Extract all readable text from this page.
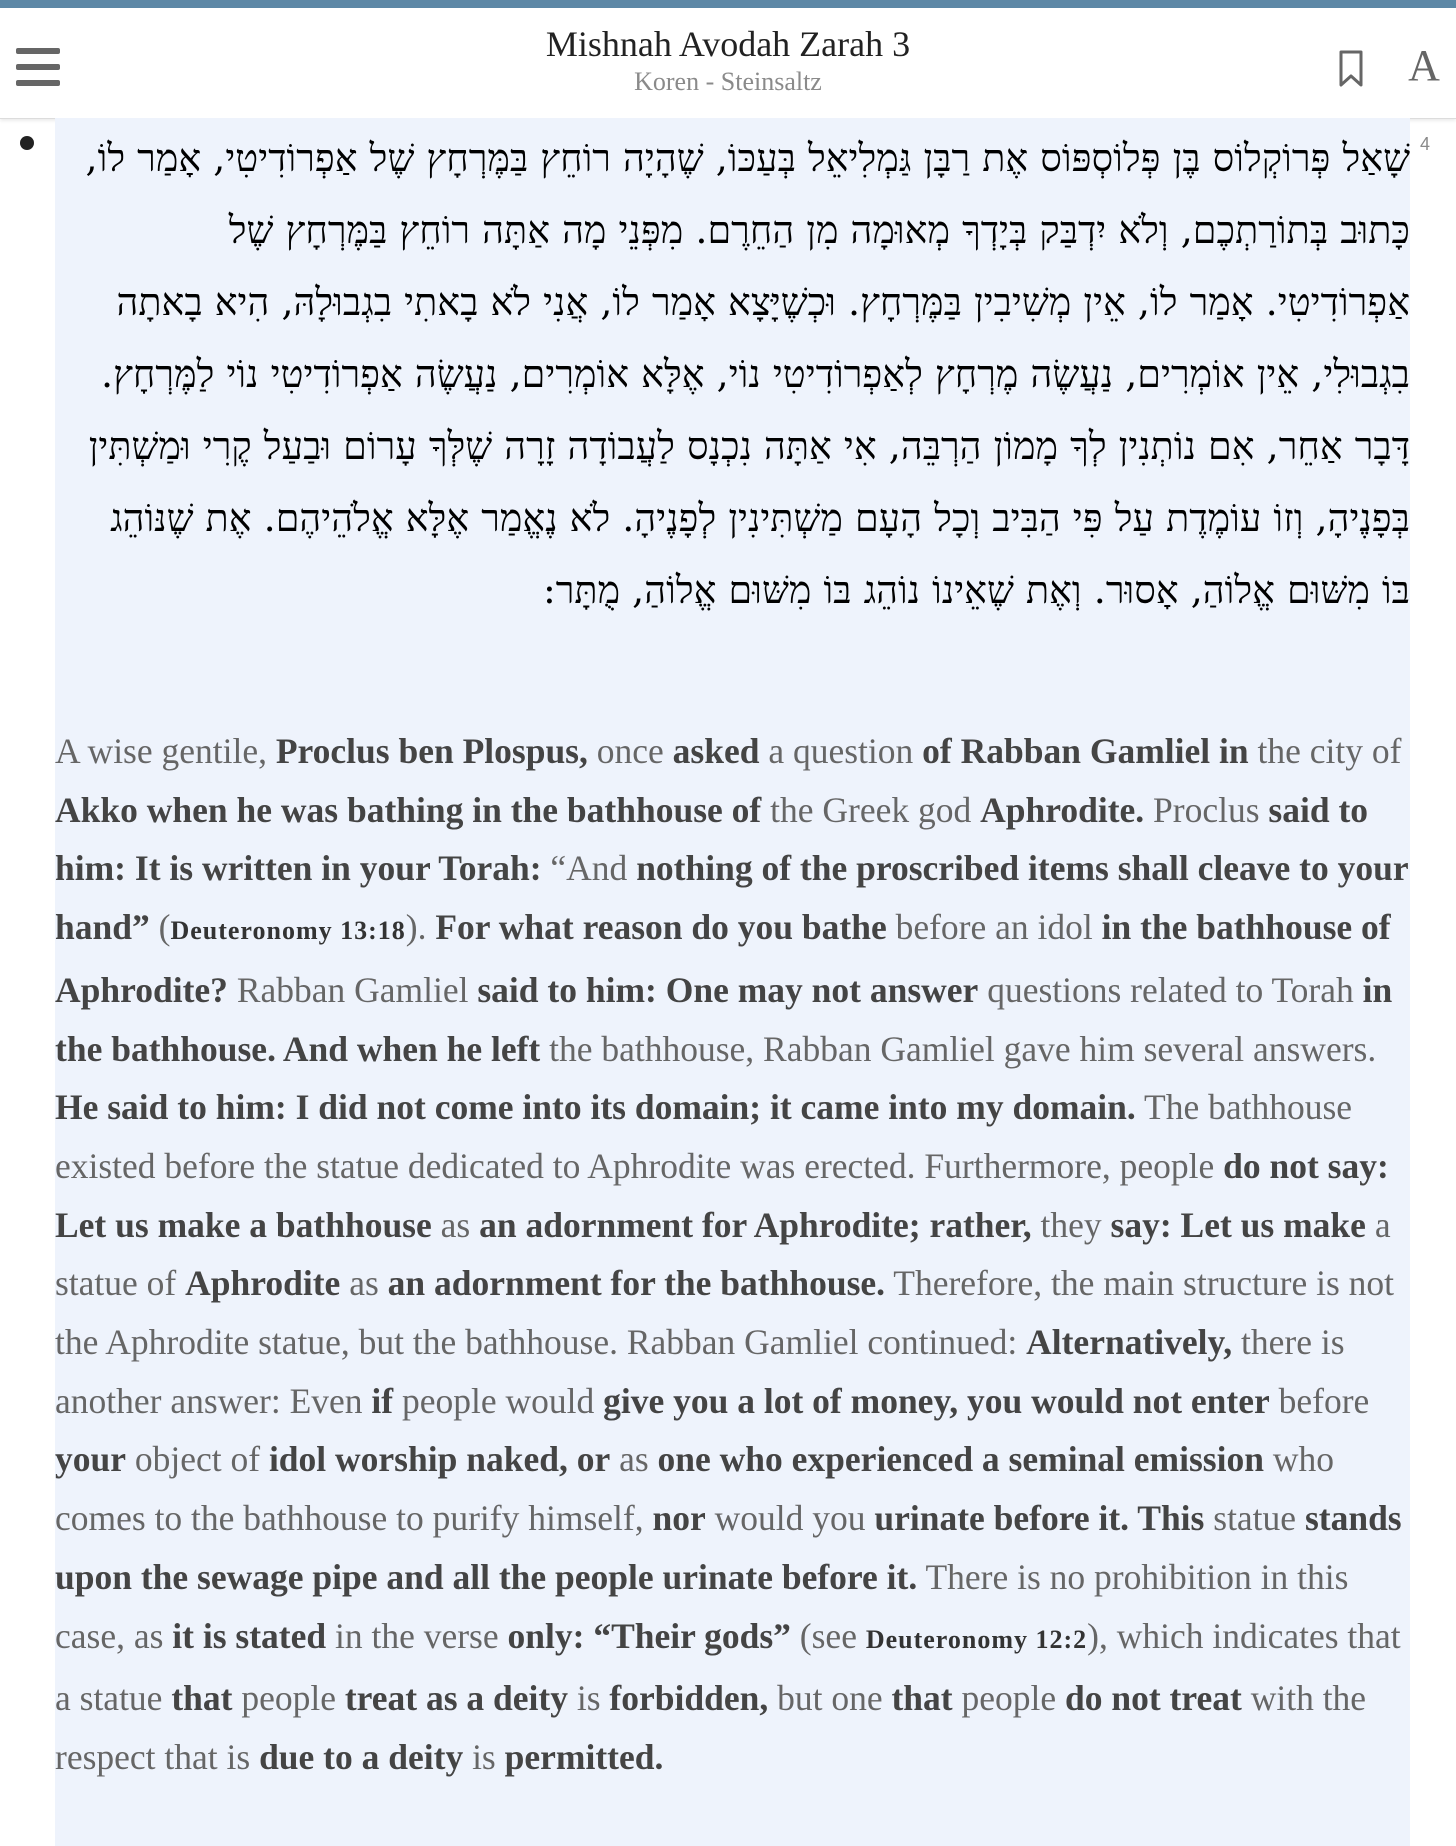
Mishnah Avodah Zarah 3
Koren - Steinsaltz	A
4
שָׁאַל פְּרוֹקְלוֹס בֶּן פְּלוֹסְפּוֹס אֶת רַבָּן גַּמְלִיאֵל בְּעַכּוֹ, שֶׁהָיָה רוֹחֵץ בַּמֶּרְחָץ שֶׁל אַפְרוֹדִיטִי, אָמַר לוֹ, כָּתוּב בְּתוֹרַתְכֶם, וְלֹא יִדְבַּק בְּיָדְךָ מְאוּמָה מִן הַחֵרֶם. מִפְּנֵי מָה אַתָּה רוֹחֵץ בַּמֶּרְחָץ שֶׁל אַפְרוֹדִיטִי. אָמַר לוֹ, אֵין מְשִׁיבִין בַּמֶּרְחָץ. וּכְשֶׁיָּצָא אָמַר לוֹ, אֲנִי לֹא בָאתִי בִגְבוּלָהּ, הִיא בָאתָה בִגְבוּלִי, אֵין אוֹמְרִים, נַעֲשֶׂה מֶרְחָץ לְאַפְרוֹדִיטִי נוֹי, אֶלָּא אוֹמְרִים, נַעֲשֶׂה אַפְרוֹדִיטִי נוֹי לַמֶּרְחָץ. דָּבָר אַחֵר, אִם נוֹתְנִין לְךָ מָמוֹן הַרְבֵּה, אִי אַתָּה נִכְנָס לַעֲבוֹדָה זָרָה שֶׁלְּךָ עָרוֹם וּבַעַל קֶרִי וּמַשְׁתִּין בְּפָנֶיהָ, וְזוֹ עוֹמֶדֶת עַל פִּי הַבִּיב וְכָל הָעָם מַשְׁתִּינִין לְפָנֶיהָ. לֹא נֶאֱמַר אֶלָּא אֱלֹהֵיהֶם. אֶת שֶׁנּוֹהֵג בּוֹ מִשּׁוּם אֱלוֹהַ, אָסוּר. וְאֶת שֶׁאֵינוֹ נוֹהֵג בּוֹ מִשּׁוּם אֱלוֹהַ, מֻתָּר:
A wise gentile, Proclus ben Plospus, once asked a question of Rabban Gamliel in the city of Akko when he was bathing in the bathhouse of the Greek god Aphrodite. Proclus said to him: It is written in your Torah: “And nothing of the proscribed items shall cleave to your hand” (Deuteronomy 13:18). For what reason do you bathe before an idol in the bathhouse of Aphrodite? Rabban Gamliel said to him: One may not answer questions related to Torah in the bathhouse. And when he left the bathhouse, Rabban Gamliel gave him several answers. He said to him: I did not come into its domain; it came into my domain. The bathhouse existed before the statue dedicated to Aphrodite was erected. Furthermore, people do not say: Let us make a bathhouse as an adornment for Aphrodite; rather, they say: Let us make a statue of Aphrodite as an adornment for the bathhouse. Therefore, the main structure is not the Aphrodite statue, but the bathhouse. Rabban Gamliel continued: Alternatively, there is another answer: Even if people would give you a lot of money, you would not enter before your object of idol worship naked, or as one who experienced a seminal emission who comes to the bathhouse to purify himself, nor would you urinate before it. This statue stands upon the sewage pipe and all the people urinate before it. There is no prohibition in this case, as it is stated in the verse only: “Their gods” (see Deuteronomy 12:2), which indicates that a statue that people treat as a deity is forbidden, but one that people do not treat with the respect that is due to a deity is permitted.
